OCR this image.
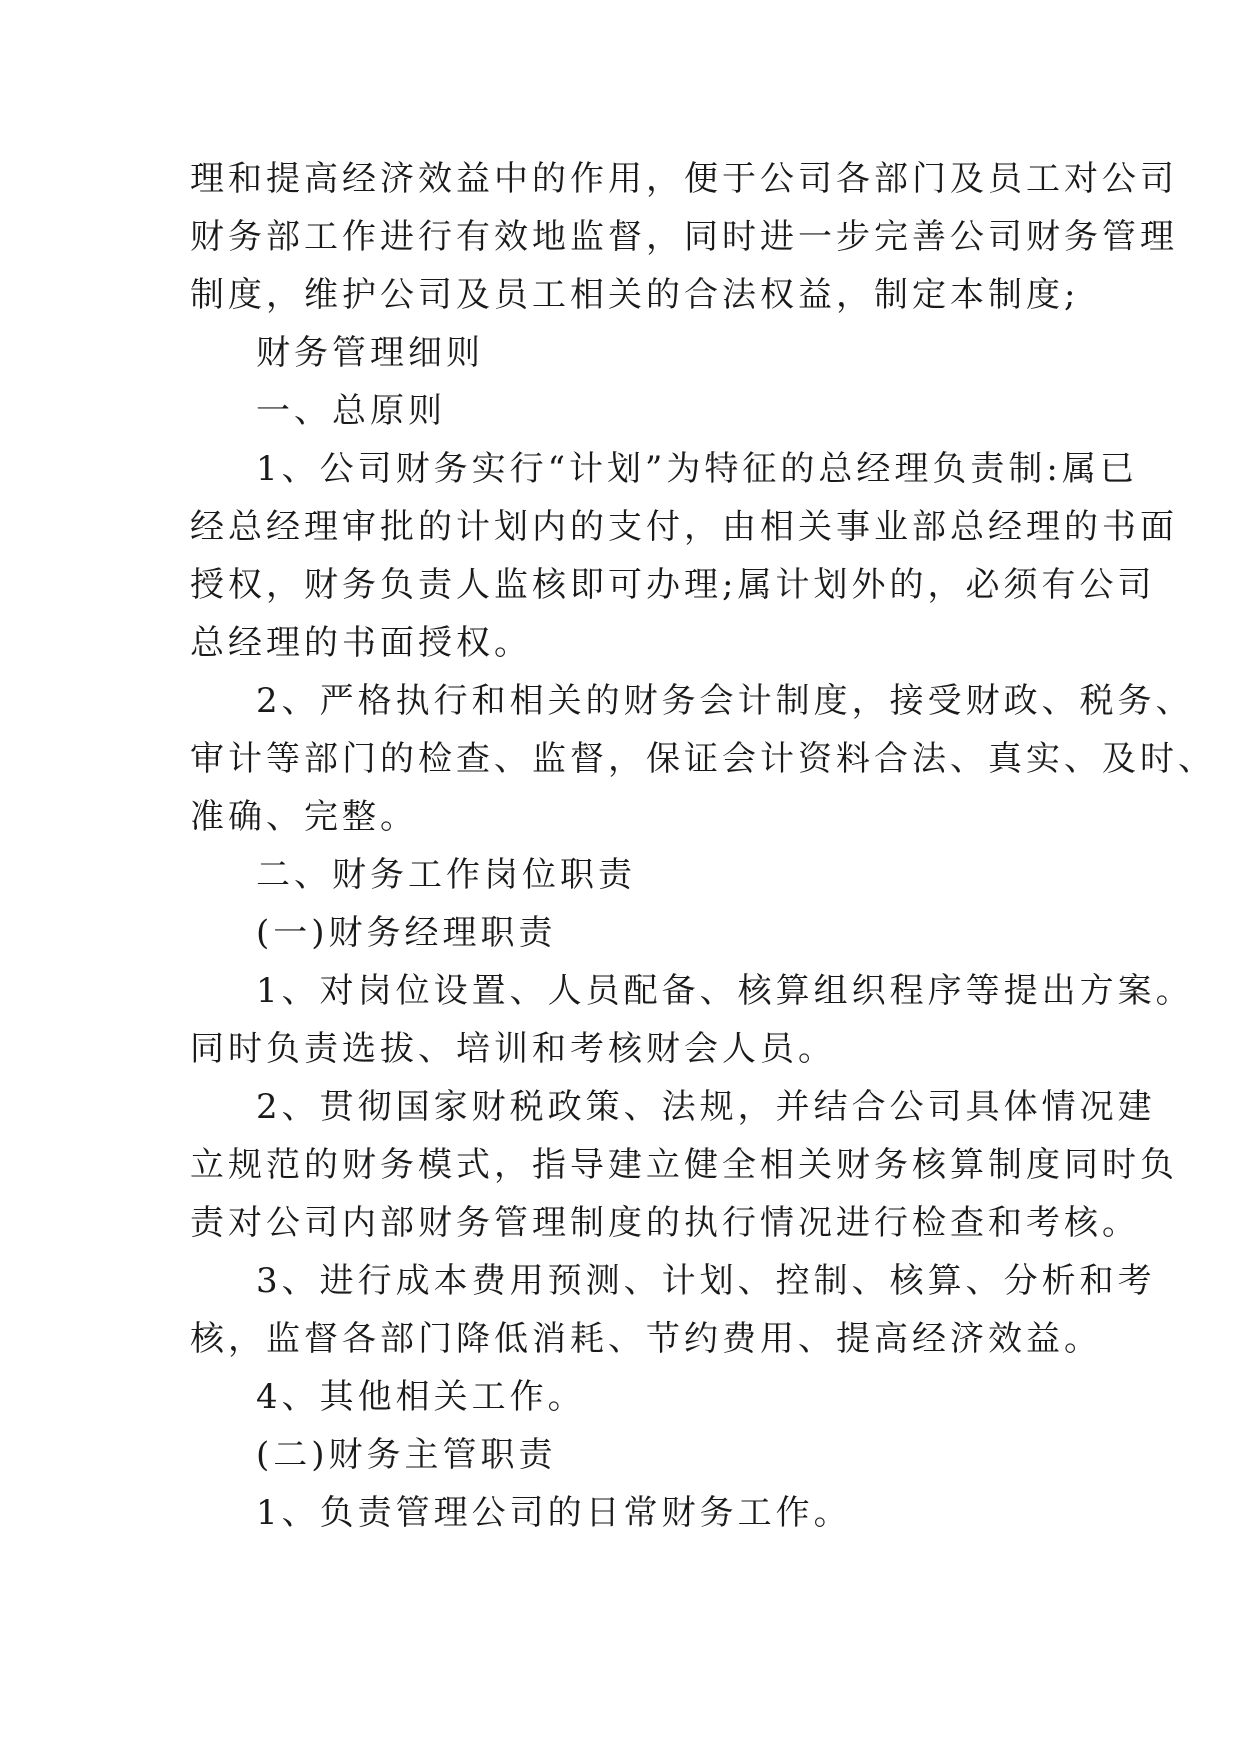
理和提高经济效益中的作用，便于公司各部门及员工对公司
财务部工作进行有效地监督，同时进一步完善公司财务管理
制度，维护公司及员工相关的合法权益，制定本制度;
财务管理细则
一、总原则
1、公司财务实行“计划”为特征的总经理负责制:属已
经总经理审批的计划内的支付，由相关事业部总经理的书面
授权，财务负责人监核即可办理;属计划外的，必须有公司
总经理的书面授权。
2、严格执行和相关的财务会计制度，接受财政、税务、
审计等部门的检查、监督，保证会计资料合法、真实、及时、
准确、完整。
二、财务工作岗位职责
(一)财务经理职责
1、对岗位设置、人员配备、核算组织程序等提出方案。
同时负责选拔、培训和考核财会人员。
2、贯彻国家财税政策、法规，并结合公司具体情况建
立规范的财务模式，指导建立健全相关财务核算制度同时负
责对公司内部财务管理制度的执行情况进行检查和考核。
3、进行成本费用预测、计划、控制、核算、分析和考
核，监督各部门降低消耗、节约费用、提高经济效益。
4、其他相关工作。
(二)财务主管职责
1、负责管理公司的日常财务工作。
